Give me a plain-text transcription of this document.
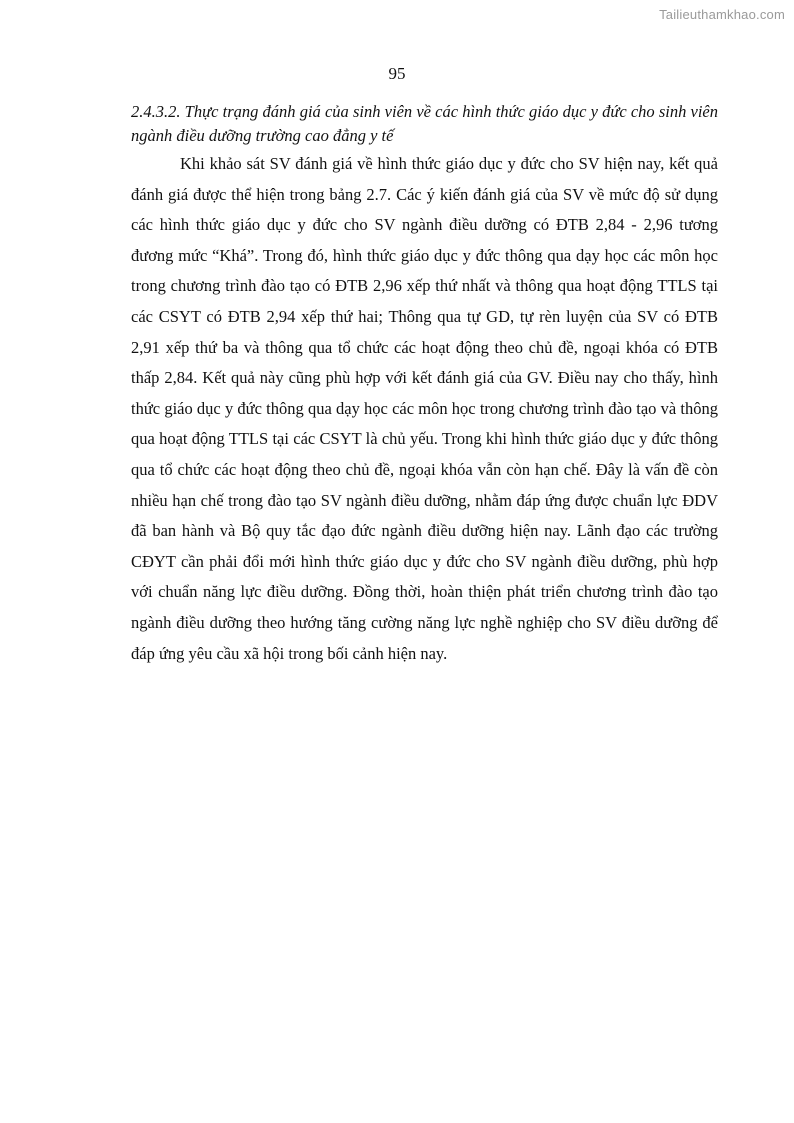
Tailieuthamkhao.com
95

2.4.3.2. Thực trạng đánh giá của sinh viên về các hình thức giáo dục y đức cho sinh viên ngành điều dưỡng trường cao đẳng y tế

Khi khảo sát SV đánh giá về hình thức giáo dục y đức cho SV hiện nay, kết quả đánh giá được thể hiện trong bảng 2.7. Các ý kiến đánh giá của SV về mức độ sử dụng các hình thức giáo dục y đức cho SV ngành điều dưỡng có ĐTB 2,84 - 2,96 tương đương mức “Khá”. Trong đó, hình thức giáo dục y đức thông qua dạy học các môn học trong chương trình đào tạo có ĐTB 2,96 xếp thứ nhất và thông qua hoạt động TTLS tại các CSYT có ĐTB 2,94 xếp thứ hai; Thông qua tự GD, tự rèn luyện của SV có ĐTB 2,91 xếp thứ ba và thông qua tổ chức các hoạt động theo chủ đề, ngoại khóa có ĐTB thấp 2,84. Kết quả này cũng phù hợp với kết đánh giá của GV. Điều nay cho thấy, hình thức giáo dục y đức thông qua dạy học các môn học trong chương trình đào tạo và thông qua hoạt động TTLS tại các CSYT là chủ yếu. Trong khi hình thức giáo dục y đức thông qua tổ chức các hoạt động theo chủ đề, ngoại khóa vẫn còn hạn chế. Đây là vấn đề còn nhiều hạn chế trong đào tạo SV ngành điều dưỡng, nhằm đáp ứng được chuẩn lực ĐDV đã ban hành và Bộ quy tắc đạo đức ngành điều dưỡng hiện nay. Lãnh đạo các trường CĐYT cần phải đổi mới hình thức giáo dục y đức cho SV ngành điều dưỡng, phù hợp với chuẩn năng lực điều dưỡng. Đồng thời, hoàn thiện phát triển chương trình đào tạo ngành điều dưỡng theo hướng tăng cường năng lực nghề nghiệp cho SV điều dưỡng để đáp ứng yêu cầu xã hội trong bối cảnh hiện nay.
